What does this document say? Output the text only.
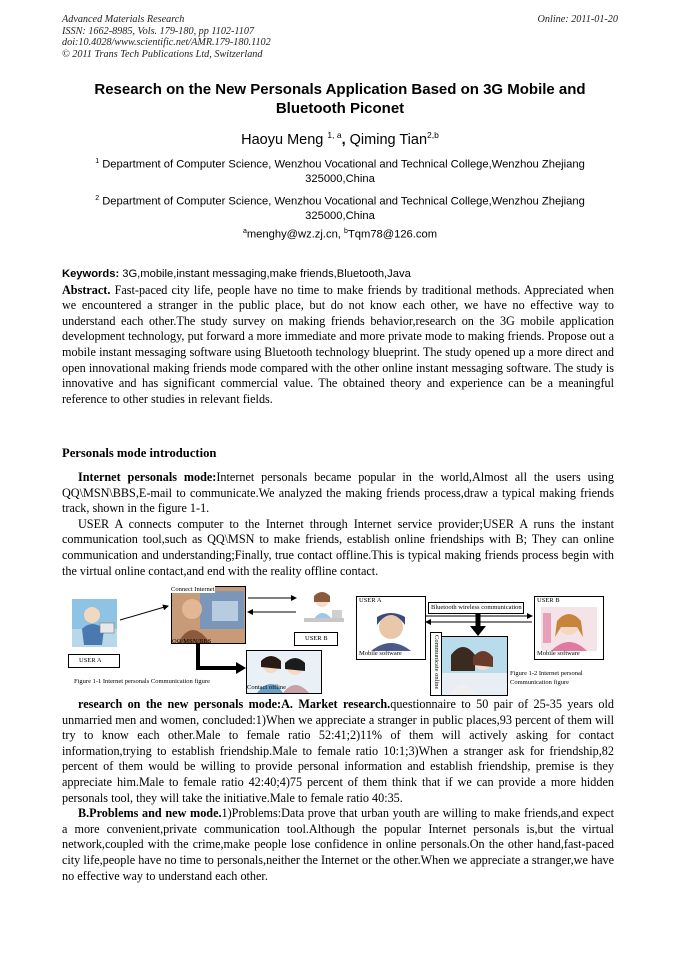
Advanced Materials Research
ISSN: 1662-8985, Vols. 179-180, pp 1102-1107
doi:10.4028/www.scientific.net/AMR.179-180.1102
© 2011 Trans Tech Publications Ltd, Switzerland
Online: 2011-01-20
Research on the New Personals Application Based on 3G Mobile and Bluetooth Piconet
Haoyu Meng $^{1, a}$, Qiming Tian$^{2,b}$
$^1$ Department of Computer Science, Wenzhou Vocational and Technical College,Wenzhou Zhejiang 325000,China
$^2$ Department of Computer Science, Wenzhou Vocational and Technical College,Wenzhou Zhejiang 325000,China
$^a$menghy@wz.zj.cn, $^b$Tqm78@126.com
Keywords: 3G,mobile,instant messaging,make friends,Bluetooth,Java
Abstract. Fast-paced city life, people have no time to make friends by traditional methods. Appreciated when we encountered a stranger in the public place, but do not know each other, we have no effective way to understand each other.The study survey on making friends behavior,research on the 3G mobile application development technology, put forward a more immediate and more private mode to making friends. Propose out a mobile instant messaging software using Bluetooth technology blueprint. The study opened up a more direct and open innovational making friends mode compared with the other online instant messaging software. The study is innovative and has significant commercial value. The obtained theory and experience can be a meaningful reference to other studies in relevant fields.
Personals mode introduction
Internet personals mode:Internet personals became popular in the world,Almost all the users using QQ\MSN\BBS,E-mail to communicate.We analyzed the making friends process,draw a typical making friends track, shown in the figure 1-1.
USER A connects computer to the Internet through Internet service provider;USER A runs the instant communication tool,such as QQ\MSN to make friends, establish online friendships with B; They can online communication and understanding;Finally, true contact offline.This is typical making friends process begin with the virtual online contact,and end with the reality offline contact.
Connect Internet
QQ/MSN/BBS	USER B
USER A
Contact offline
Figure 1-1 Internet personals Communication figure
USER A
Mobile software
Bluetooth wireless communication
USER B
Mobile software
Communicate online	Figure 1-2 Internet personal
Communication figure
research on the new personals mode:A. Market research.questionnaire to 50 pair of 25-35 years old unmarried men and women, concluded:1)When we appreciate a stranger in public places,93 percent of them will try to know each other.Male to female ratio 52:41;2)11% of them will actively asking for contact information,trying to establish friendship.Male to female ratio 10:1;3)When a stranger ask for friendship,82 percent of them would be willing to provide personal information and establish friendship, premise is they appreciate him.Male to female ratio 42:40;4)75 percent of them think that if we can provide a more hidden personals tool, they will take the initiative.Male to female ratio 40:35.
B.Problems and new mode.1)Problems:Data prove that urban youth are willing to make friends,and expect a more convenient,private communication tool.Although the popular Internet personals is,but the virtual network,coupled with the crime,make people lose confidence in online personals.On the other hand,fast-paced city life,people have no time to personals,neither the Internet or the other.When we appreciate a stranger,we have no effective way to understand each other.
